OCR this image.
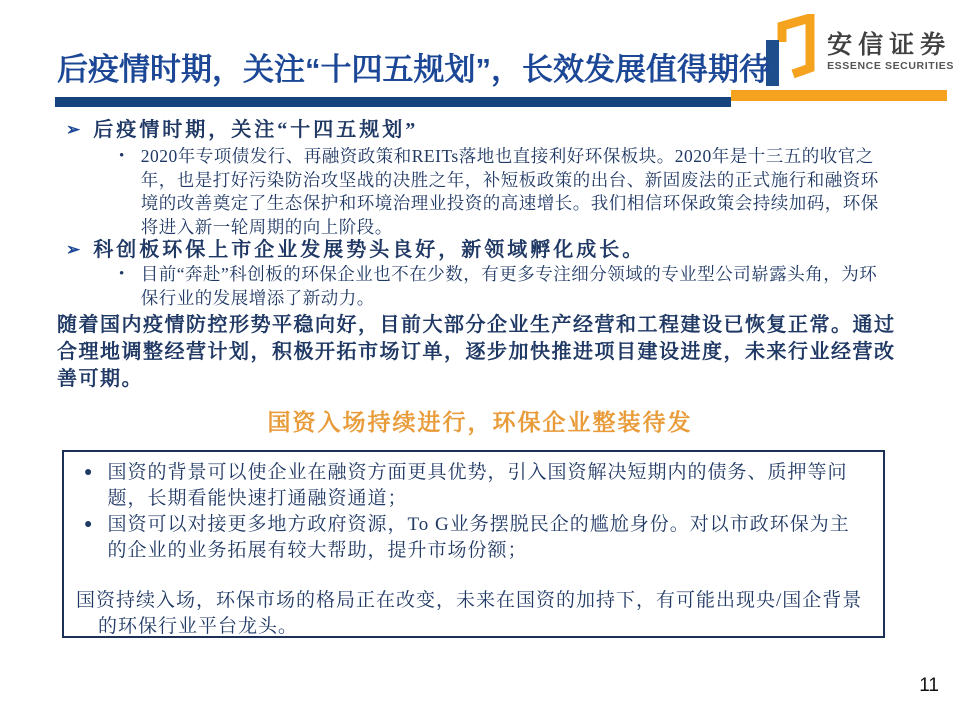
后疫情时期，关注“十四五规划”，长效发展值得期待
安信证券
ESSENCE SECURITIES
➢ 后疫情时期，关注“十四五规划”
• 2020年专项债发行、再融资政策和REITs落地也直接利好环保板块。2020年是十三五的收官之年，也是打好污染防治攻坚战的决胜之年，补短板政策的出台、新固废法的正式施行和融资环境的改善奠定了生态保护和环境治理业投资的高速增长。我们相信环保政策会持续加码，环保将进入新一轮周期的向上阶段。
➢ 科创板环保上市企业发展势头良好，新领域孵化成长。
• 目前“奔赴”科创板的环保企业也不在少数，有更多专注细分领域的专业型公司崭露头角，为环保行业的发展增添了新动力。

随着国内疫情防控形势平稳向好，目前大部分企业生产经营和工程建设已恢复正常。通过合理地调整经营计划，积极开拓市场订单，逐步加快推进项目建设进度，未来行业经营改善可期。

国资入场持续进行，环保企业整装待发
● 国资的背景可以使企业在融资方面更具优势，引入国资解决短期内的债务、质押等问题，长期看能快速打通融资通道；
● 国资可以对接更多地方政府资源，To G业务摆脱民企的尴尬身份。对以市政环保为主的企业的业务拓展有较大帮助，提升市场份额；

国资持续入场，环保市场的格局正在改变，未来在国资的加持下，有可能出现央/国企背景的环保行业平台龙头。

11
